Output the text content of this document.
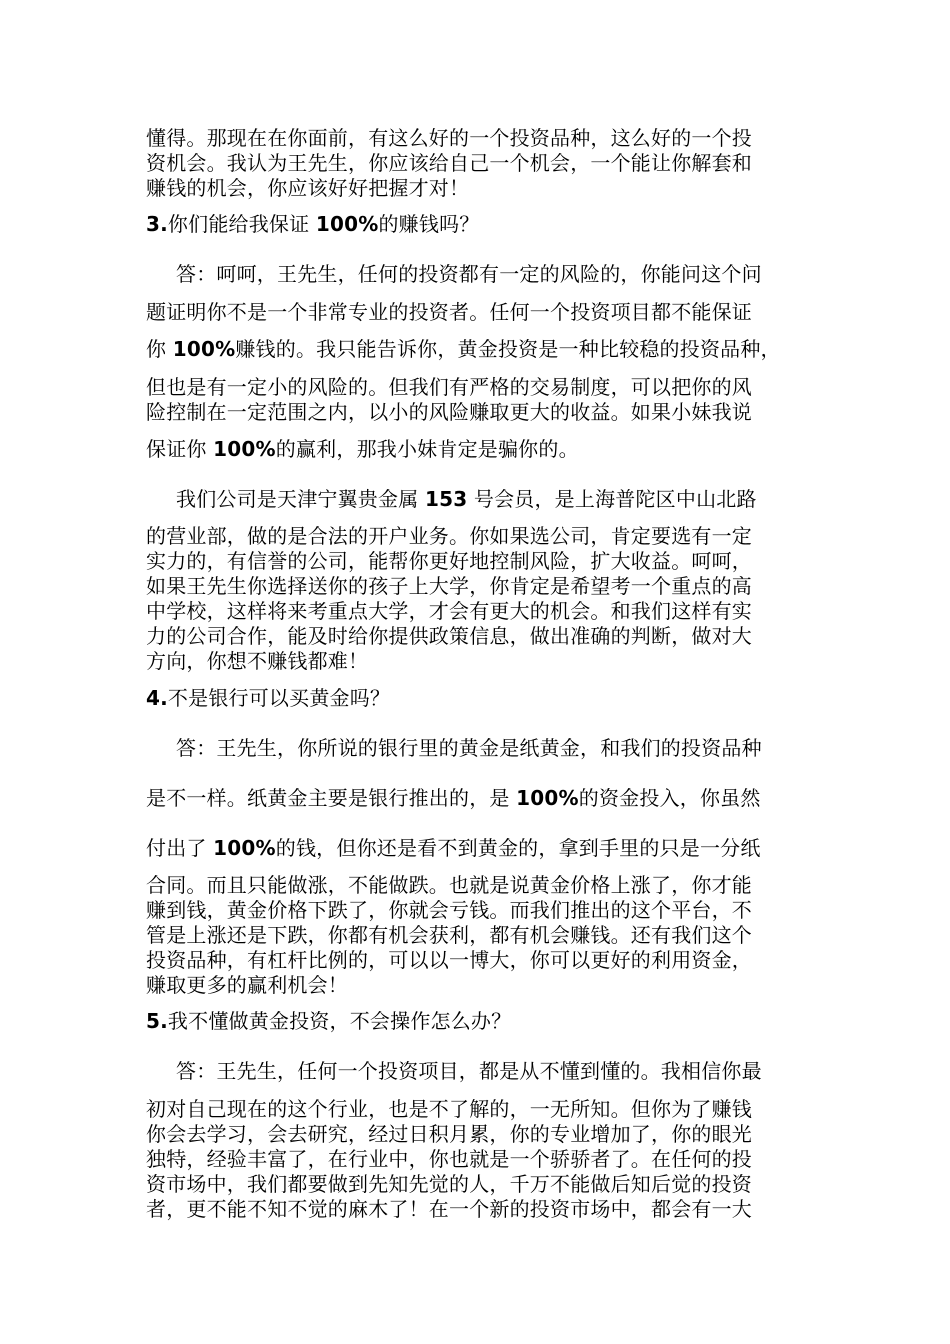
懂得。那现在在你面前，有这么好的一个投资品种，这么好的一个投
资机会。我认为王先生，你应该给自己一个机会，一个能让你解套和
赚钱的机会，你应该好好把握才对！
3.你们能给我保证 100%的赚钱吗？
答：呵呵，王先生，任何的投资都有一定的风险的，你能问这个问
题证明你不是一个非常专业的投资者。任何一个投资项目都不能保证
你 100%赚钱的。我只能告诉你，黄金投资是一种比较稳的投资品种，
但也是有一定小的风险的。但我们有严格的交易制度，可以把你的风
险控制在一定范围之内，以小的风险赚取更大的收益。如果小妹我说
保证你 100%的赢利，那我小妹肯定是骗你的。
我们公司是天津宁翼贵金属 153 号会员，是上海普陀区中山北路
的营业部，做的是合法的开户业务。你如果选公司，肯定要选有一定
实力的，有信誉的公司，能帮你更好地控制风险，扩大收益。呵呵，
如果王先生你选择送你的孩子上大学，你肯定是希望考一个重点的高
中学校，这样将来考重点大学，才会有更大的机会。和我们这样有实
力的公司合作，能及时给你提供政策信息，做出准确的判断，做对大
方向，你想不赚钱都难！
4.不是银行可以买黄金吗？
答：王先生，你所说的银行里的黄金是纸黄金，和我们的投资品种
是不一样。纸黄金主要是银行推出的，是 100%的资金投入，你虽然
付出了 100%的钱，但你还是看不到黄金的，拿到手里的只是一分纸
合同。而且只能做涨，不能做跌。也就是说黄金价格上涨了，你才能
赚到钱，黄金价格下跌了，你就会亏钱。而我们推出的这个平台，不
管是上涨还是下跌，你都有机会获利，都有机会赚钱。还有我们这个
投资品种，有杠杆比例的，可以以一博大，你可以更好的利用资金，
赚取更多的赢利机会！
5.我不懂做黄金投资，不会操作怎么办？
答：王先生，任何一个投资项目，都是从不懂到懂的。我相信你最
初对自己现在的这个行业，也是不了解的，一无所知。但你为了赚钱
你会去学习，会去研究，经过日积月累，你的专业增加了，你的眼光
独特，经验丰富了，在行业中，你也就是一个骄骄者了。在任何的投
资市场中，我们都要做到先知先觉的人，千万不能做后知后觉的投资
者，更不能不知不觉的麻木了！在一个新的投资市场中，都会有一大
